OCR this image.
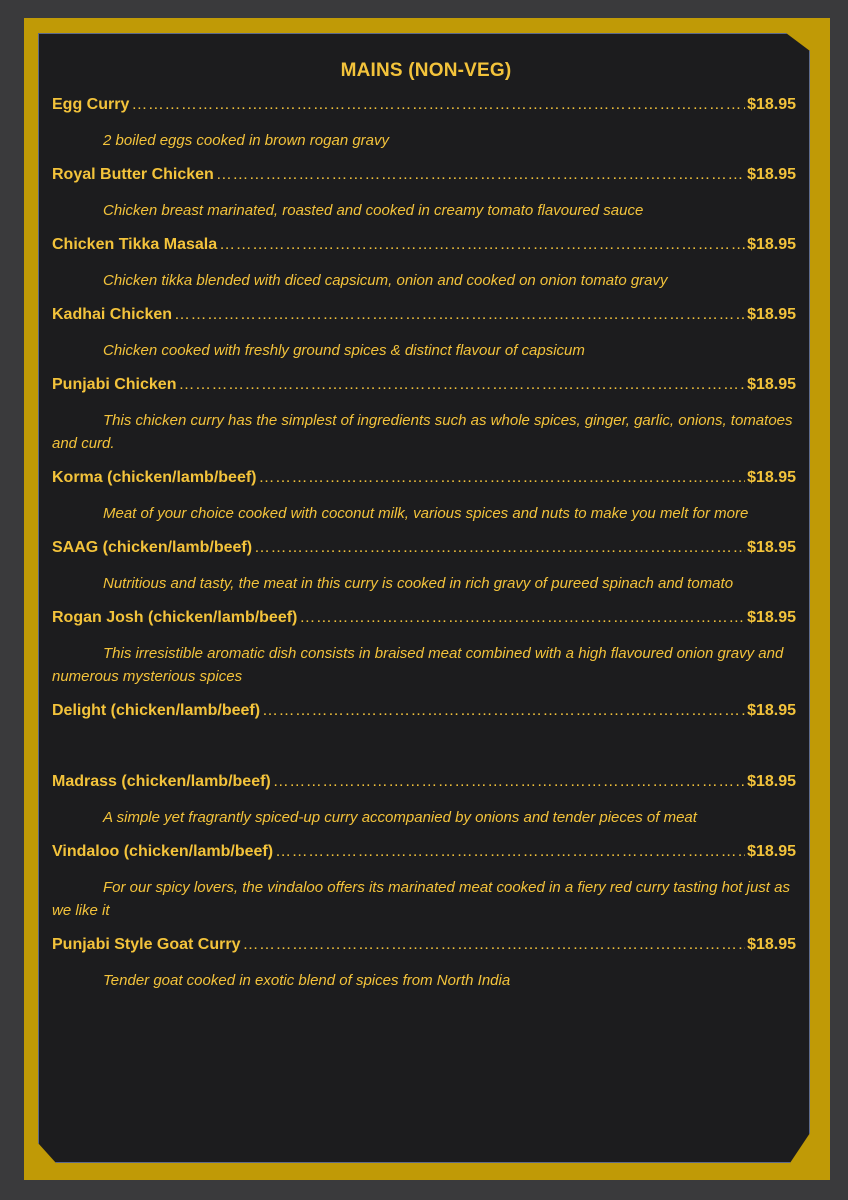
MAINS (NON-VEG)
Egg Curry ……………………………………………………………………………………………………………………………………………………………………………………………………	$18.95
2 boiled eggs cooked in brown rogan gravy
Royal Butter Chicken ……………………………………………………………………………………………………………………………………………………………………………………………………	$18.95
Chicken breast marinated, roasted and cooked in creamy tomato flavoured sauce
Chicken Tikka Masala ……………………………………………………………………………………………………………………………………………………………………………………………………	$18.95
Chicken tikka blended with diced capsicum, onion and cooked on onion tomato gravy
Kadhai Chicken ……………………………………………………………………………………………………………………………………………………………………………………………………	$18.95
Chicken cooked with freshly ground spices & distinct flavour of capsicum
Punjabi Chicken ……………………………………………………………………………………………………………………………………………………………………………………………………	$18.95
This chicken curry has the simplest of ingredients such as whole spices, ginger, garlic, onions, tomatoes and curd.
Korma (chicken/lamb/beef) ……………………………………………………………………………………………………………………………………………………………………………………………………	$18.95
Meat of your choice cooked with coconut milk, various spices and nuts to make you melt for more
SAAG (chicken/lamb/beef) ……………………………………………………………………………………………………………………………………………………………………………………………………	$18.95
Nutritious and tasty, the meat in this curry is cooked in rich gravy of pureed spinach and tomato
Rogan Josh (chicken/lamb/beef) ……………………………………………………………………………………………………………………………………………………………………………………………………	$18.95
This irresistible aromatic dish consists in braised meat combined with a high flavoured onion gravy and numerous mysterious spices
Delight (chicken/lamb/beef) ……………………………………………………………………………………………………………………………………………………………………………………………………	$18.95
Madrass (chicken/lamb/beef) ……………………………………………………………………………………………………………………………………………………………………………………………………	$18.95
A simple yet fragrantly spiced-up curry accompanied by onions and tender pieces of meat
Vindaloo (chicken/lamb/beef) ……………………………………………………………………………………………………………………………………………………………………………………………………	$18.95
For our spicy lovers, the vindaloo offers its marinated meat cooked in a fiery red curry tasting hot just as we like it
Punjabi Style Goat Curry ……………………………………………………………………………………………………………………………………………………………………………………………………	$18.95
Tender goat cooked in exotic blend of spices from North India
